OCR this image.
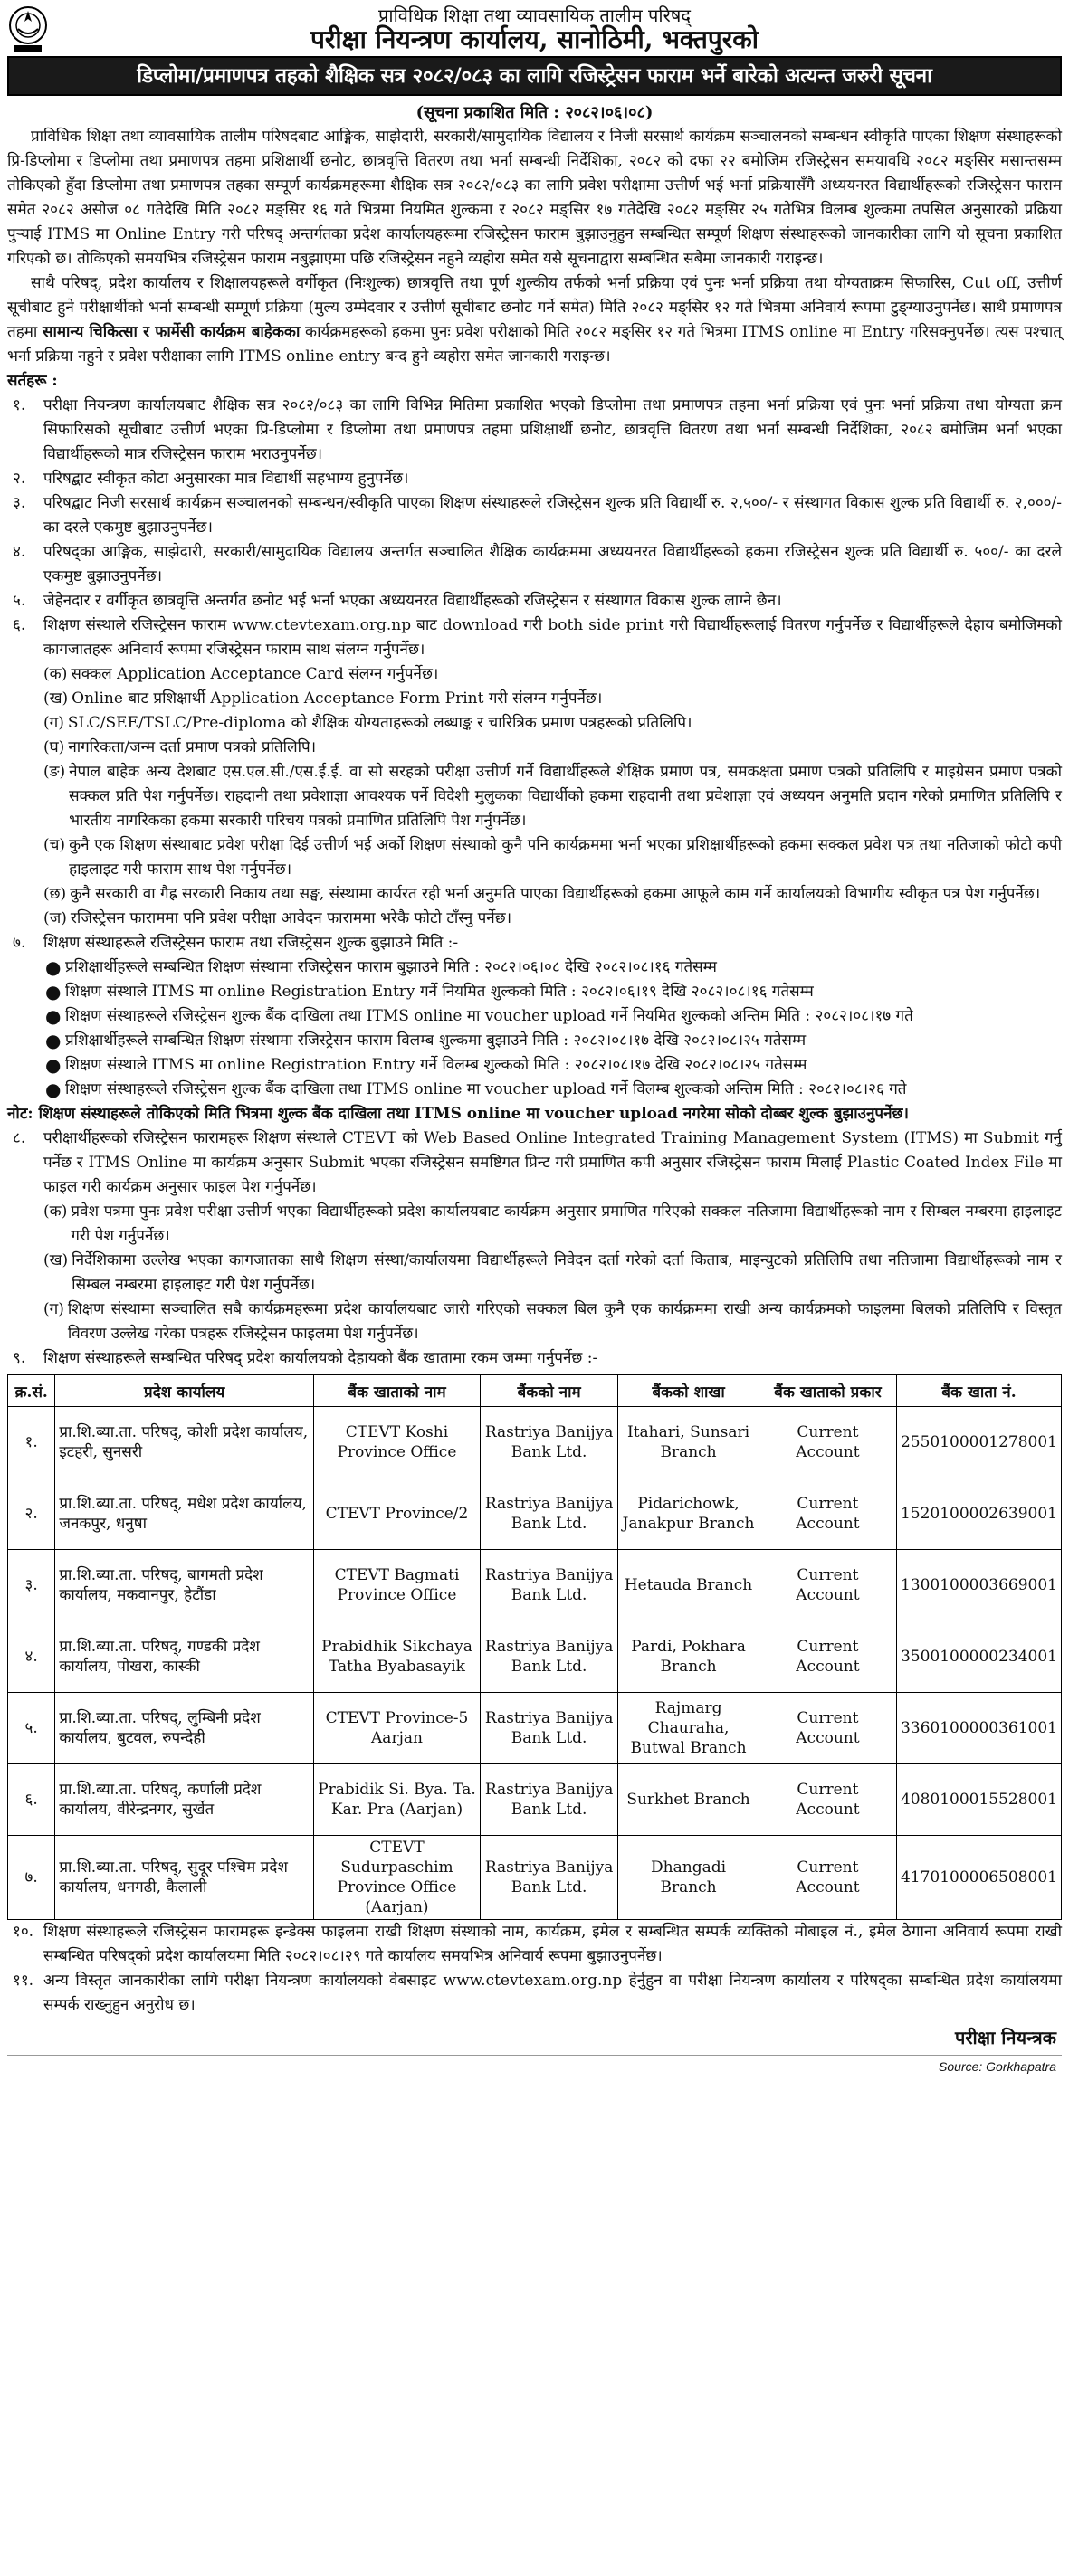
प्राविधिक शिक्षा तथा व्यावसायिक तालीम परिषद्
परीक्षा नियन्त्रण कार्यालय, सानोठिमी, भक्तपुरको
डिप्लोमा/प्रमाणपत्र तहको शैक्षिक सत्र २०८२/०८३ का लागि रजिस्ट्रेसन फाराम भर्ने बारेको अत्यन्त जरुरी सूचना
(सूचना प्रकाशित मिति : २०८२।०६।०८)

प्राविधिक शिक्षा तथा व्यावसायिक तालीम परिषदबाट आङ्गिक, साझेदारी, सरकारी/सामुदायिक विद्यालय र निजी सरसार्थ कार्यक्रम सञ्चालनको सम्बन्धन स्वीकृति पाएका शिक्षण संस्थाहरूको प्रि-डिप्लोमा र डिप्लोमा तथा प्रमाणपत्र तहमा प्रशिक्षार्थी छनोट, छात्रवृत्ति वितरण तथा भर्ना सम्बन्धी निर्देशिका, २०८२ को दफा २२ बमोजिम रजिस्ट्रेसन समयावधि २०८२ मङ्सिर मसान्तसम्म तोकिएको हुँदा डिप्लोमा तथा प्रमाणपत्र तहका सम्पूर्ण कार्यक्रमहरूमा शैक्षिक सत्र २०८२/०८३ का लागि प्रवेश परीक्षामा उत्तीर्ण भई भर्ना प्रक्रियासँगै अध्ययनरत विद्यार्थीहरूको रजिस्ट्रेसन फाराम समेत २०८२ असोज ०८ गतेदेखि मिति २०८२ मङ्सिर १६ गते भित्रमा नियमित शुल्कमा र २०८२ मङ्सिर १७ गतेदेखि २०८२ मङ्सिर २५ गतेभित्र विलम्ब शुल्कमा तपसिल अनुसारको प्रक्रिया पुऱ्याई ITMS मा Online Entry गरी परिषद् अन्तर्गतका प्रदेश कार्यालयहरूमा रजिस्ट्रेसन फाराम बुझाउनुहुन सम्बन्धित सम्पूर्ण शिक्षण संस्थाहरूको जानकारीका लागि यो सूचना प्रकाशित गरिएको छ। तोकिएको समयभित्र रजिस्ट्रेसन फाराम नबुझाएमा पछि रजिस्ट्रेसन नहुने व्यहोरा समेत यसै सूचनाद्वारा सम्बन्धित सबैमा जानकारी गराइन्छ।

साथै परिषद्, प्रदेश कार्यालय र शिक्षालयहरूले वर्गीकृत (निःशुल्क) छात्रवृत्ति तथा पूर्ण शुल्कीय तर्फको भर्ना प्रक्रिया एवं पुनः भर्ना प्रक्रिया तथा योग्यताक्रम सिफारिस, Cut off, उत्तीर्ण सूचीबाट हुने परीक्षार्थीको भर्ना सम्बन्धी सम्पूर्ण प्रक्रिया (मुल्य उम्मेदवार र उत्तीर्ण सूचीबाट छनोट गर्ने समेत) मिति २०८२ मङ्सिर १२ गते भित्रमा अनिवार्य रूपमा टुङ्ग्याउनुपर्नेछ। साथै प्रमाणपत्र तहमा सामान्य चिकित्सा र फार्मेसी कार्यक्रम बाहेकका कार्यक्रमहरूको हकमा पुनः प्रवेश परीक्षाको मिति २०८२ मङ्सिर १२ गते भित्रमा ITMS online मा Entry गरिसक्नुपर्नेछ। त्यस पश्चात् भर्ना प्रक्रिया नहुने र प्रवेश परीक्षाका लागि ITMS online entry बन्द हुने व्यहोरा समेत जानकारी गराइन्छ।

सर्तहरू :
१.	परीक्षा नियन्त्रण कार्यालयबाट शैक्षिक सत्र २०८२/०८३ का लागि विभिन्न मितिमा प्रकाशित भएको डिप्लोमा तथा प्रमाणपत्र तहमा भर्ना प्रक्रिया एवं पुनः भर्ना प्रक्रिया तथा योग्यता क्रम सिफारिसको सूचीबाट उत्तीर्ण भएका प्रि-डिप्लोमा र डिप्लोमा तथा प्रमाणपत्र तहमा प्रशिक्षार्थी छनोट, छात्रवृत्ति वितरण तथा भर्ना सम्बन्धी निर्देशिका, २०८२ बमोजिम भर्ना भएका विद्यार्थीहरूको मात्र रजिस्ट्रेसन फाराम भराउनुपर्नेछ।
२.	परिषद्बाट स्वीकृत कोटा अनुसारका मात्र विद्यार्थी सहभाग्य हुनुपर्नेछ।
३.	परिषद्बाट निजी सरसार्थ कार्यक्रम सञ्चालनको सम्बन्धन/स्वीकृति पाएका शिक्षण संस्थाहरूले रजिस्ट्रेसन शुल्क प्रति विद्यार्थी रु. २,५००/- र संस्थागत विकास शुल्क प्रति विद्यार्थी रु. २,०००/- का दरले एकमुष्ट बुझाउनुपर्नेछ।
४.	परिषद्का आङ्गिक, साझेदारी, सरकारी/सामुदायिक विद्यालय अन्तर्गत सञ्चालित शैक्षिक कार्यक्रममा अध्ययनरत विद्यार्थीहरूको हकमा रजिस्ट्रेसन शुल्क प्रति विद्यार्थी रु. ५००/- का दरले एकमुष्ट बुझाउनुपर्नेछ।
५.	जेहेनदार र वर्गीकृत छात्रवृत्ति अन्तर्गत छनोट भई भर्ना भएका अध्ययनरत विद्यार्थीहरूको रजिस्ट्रेसन र संस्थागत विकास शुल्क लाग्ने छैन।
६.	शिक्षण संस्थाले रजिस्ट्रेसन फाराम www.ctevtexam.org.np बाट download गरी both side print गरी विद्यार्थीहरूलाई वितरण गर्नुपर्नेछ र विद्यार्थीहरूले देहाय बमोजिमको कागजातहरू अनिवार्य रूपमा रजिस्ट्रेसन फाराम साथ संलग्न गर्नुपर्नेछ।
(क) सक्कल Application Acceptance Card संलग्न गर्नुपर्नेछ।
(ख) Online बाट प्रशिक्षार्थी Application Acceptance Form Print गरी संलग्न गर्नुपर्नेछ।
(ग) SLC/SEE/TSLC/Pre-diploma को शैक्षिक योग्यताहरूको लब्धाङ्क र चारित्रिक प्रमाण पत्रहरूको प्रतिलिपि।
(घ) नागरिकता/जन्म दर्ता प्रमाण पत्रको प्रतिलिपि।
(ङ) नेपाल बाहेक अन्य देशबाट एस.एल.सी./एस.ई.ई. वा सो सरहको परीक्षा उत्तीर्ण गर्ने विद्यार्थीहरूले शैक्षिक प्रमाण पत्र, समकक्षता प्रमाण पत्रको प्रतिलिपि र माइग्रेसन प्रमाण पत्रको सक्कल प्रति पेश गर्नुपर्नेछ। राहदानी तथा प्रवेशाज्ञा आवश्यक पर्ने विदेशी मुलुकका विद्यार्थीको हकमा राहदानी तथा प्रवेशाज्ञा एवं अध्ययन अनुमति प्रदान गरेको प्रमाणित प्रतिलिपि र भारतीय नागरिकका हकमा सरकारी परिचय पत्रको प्रमाणित प्रतिलिपि पेश गर्नुपर्नेछ।
(च) कुनै एक शिक्षण संस्थाबाट प्रवेश परीक्षा दिई उत्तीर्ण भई अर्को शिक्षण संस्थाको कुनै पनि कार्यक्रममा भर्ना भएका प्रशिक्षार्थीहरूको हकमा सक्कल प्रवेश पत्र तथा नतिजाको फोटो कपी हाइलाइट गरी फाराम साथ पेश गर्नुपर्नेछ।
(छ) कुनै सरकारी वा गैह्र सरकारी निकाय तथा सङ्घ, संस्थामा कार्यरत रही भर्ना अनुमति पाएका विद्यार्थीहरूको हकमा आफूले काम गर्ने कार्यालयको विभागीय स्वीकृत पत्र पेश गर्नुपर्नेछ।
(ज) रजिस्ट्रेसन फाराममा पनि प्रवेश परीक्षा आवेदन फाराममा भरेकै फोटो टाँस्नु पर्नेछ।
७.	शिक्षण संस्थाहरूले रजिस्ट्रेसन फाराम तथा रजिस्ट्रेसन शुल्क बुझाउने मिति :-
● प्रशिक्षार्थीहरूले सम्बन्धित शिक्षण संस्थामा रजिस्ट्रेसन फाराम बुझाउने मिति : २०८२।०६।०८ देखि २०८२।०८।१६ गतेसम्म
● शिक्षण संस्थाले ITMS मा online Registration Entry गर्ने नियमित शुल्कको मिति : २०८२।०६।१९ देखि २०८२।०८।१६ गतेसम्म
● शिक्षण संस्थाहरूले रजिस्ट्रेसन शुल्क बैंक दाखिला तथा ITMS online मा voucher upload गर्ने नियमित शुल्कको अन्तिम मिति : २०८२।०८।१७ गते
● प्रशिक्षार्थीहरूले सम्बन्धित शिक्षण संस्थामा रजिस्ट्रेसन फाराम विलम्ब शुल्कमा बुझाउने मिति : २०८२।०८।१७ देखि २०८२।०८।२५ गतेसम्म
● शिक्षण संस्थाले ITMS मा online Registration Entry गर्ने विलम्ब शुल्कको मिति : २०८२।०८।१७ देखि २०८२।०८।२५ गतेसम्म
● शिक्षण संस्थाहरूले रजिस्ट्रेसन शुल्क बैंक दाखिला तथा ITMS online मा voucher upload गर्ने विलम्ब शुल्कको अन्तिम मिति : २०८२।०८।२६ गते
नोट: शिक्षण संस्थाहरूले तोकिएको मिति भित्रमा शुल्क बैंक दाखिला तथा ITMS online मा voucher upload नगरेमा सोको दोब्बर शुल्क बुझाउनुपर्नेछ।
८.	परीक्षार्थीहरूको रजिस्ट्रेसन फारामहरू शिक्षण संस्थाले CTEVT को Web Based Online Integrated Training Management System (ITMS) मा Submit गर्नु पर्नेछ र ITMS Online मा कार्यक्रम अनुसार Submit भएका रजिस्ट्रेसन समष्टिगत प्रिन्ट गरी प्रमाणित कपी अनुसार रजिस्ट्रेसन फाराम मिलाई Plastic Coated Index File मा फाइल गरी कार्यक्रम अनुसार फाइल पेश गर्नुपर्नेछ।
(क) प्रवेश पत्रमा पुनः प्रवेश परीक्षा उत्तीर्ण भएका विद्यार्थीहरूको प्रदेश कार्यालयबाट कार्यक्रम अनुसार प्रमाणित गरिएको सक्कल नतिजामा विद्यार्थीहरूको नाम र सिम्बल नम्बरमा हाइलाइट गरी पेश गर्नुपर्नेछ।
(ख) निर्देशिकामा उल्लेख भएका कागजातका साथै शिक्षण संस्था/कार्यालयमा विद्यार्थीहरूले निवेदन दर्ता गरेको दर्ता किताब, माइन्युटको प्रतिलिपि तथा नतिजामा विद्यार्थीहरूको नाम र सिम्बल नम्बरमा हाइलाइट गरी पेश गर्नुपर्नेछ।
(ग) शिक्षण संस्थामा सञ्चालित सबै कार्यक्रमहरूमा प्रदेश कार्यालयबाट जारी गरिएको सक्कल बिल कुनै एक कार्यक्रममा राखी अन्य कार्यक्रमको फाइलमा बिलको प्रतिलिपि र विस्तृत विवरण उल्लेख गरेका पत्रहरू रजिस्ट्रेसन फाइलमा पेश गर्नुपर्नेछ।
९.	शिक्षण संस्थाहरूले सम्बन्धित परिषद् प्रदेश कार्यालयको देहायको बैंक खातामा रकम जम्मा गर्नुपर्नेछ :-
क्र.सं.	प्रदेश कार्यालय	बैंक खाताको नाम	बैंकको नाम	बैंकको शाखा	बैंक खाताको प्रकार	बैंक खाता नं.
१.	प्रा.शि.ब्या.ता. परिषद्, कोशी प्रदेश कार्यालय, इटहरी, सुनसरी	CTEVT Koshi Province Office	Rastriya Banijya Bank Ltd.	Itahari, Sunsari Branch	Current Account	2550100001278001
२.	प्रा.शि.ब्या.ता. परिषद्, मधेश प्रदेश कार्यालय, जनकपुर, धनुषा	CTEVT Province/2	Rastriya Banijya Bank Ltd.	Pidarichowk, Janakpur Branch	Current Account	1520100002639001
३.	प्रा.शि.ब्या.ता. परिषद्, बागमती प्रदेश कार्यालय, मकवानपुर, हेटौंडा	CTEVT Bagmati Province Office	Rastriya Banijya Bank Ltd.	Hetauda Branch	Current Account	1300100003669001
४.	प्रा.शि.ब्या.ता. परिषद्, गण्डकी प्रदेश कार्यालय, पोखरा, कास्की	Prabidhik Sikchaya Tatha Byabasayik	Rastriya Banijya Bank Ltd.	Pardi, Pokhara Branch	Current Account	3500100000234001
५.	प्रा.शि.ब्या.ता. परिषद्, लुम्बिनी प्रदेश कार्यालय, बुटवल, रुपन्देही	CTEVT Province-5 Aarjan	Rastriya Banijya Bank Ltd.	Rajmarg Chauraha, Butwal Branch	Current Account	3360100000361001
६.	प्रा.शि.ब्या.ता. परिषद्, कर्णाली प्रदेश कार्यालय, वीरेन्द्रनगर, सुर्खेत	Prabidik Si. Bya. Ta. Kar. Pra (Aarjan)	Rastriya Banijya Bank Ltd.	Surkhet Branch	Current Account	4080100015528001
७.	प्रा.शि.ब्या.ता. परिषद्, सुदूर पश्चिम प्रदेश कार्यालय, धनगढी, कैलाली	CTEVT Sudurpaschim Province Office (Aarjan)	Rastriya Banijya Bank Ltd.	Dhangadi Branch	Current Account	4170100006508001
१०. शिक्षण संस्थाहरूले रजिस्ट्रेसन फारामहरू इन्डेक्स फाइलमा राखी शिक्षण संस्थाको नाम, कार्यक्रम, इमेल र सम्बन्धित सम्पर्क व्यक्तिको मोबाइल नं., इमेल ठेगाना अनिवार्य रूपमा राखी सम्बन्धित परिषद्को प्रदेश कार्यालयमा मिति २०८२।०८।२९ गते कार्यालय समयभित्र अनिवार्य रूपमा बुझाउनुपर्नेछ।
११. अन्य विस्तृत जानकारीका लागि परीक्षा नियन्त्रण कार्यालयको वेबसाइट www.ctevtexam.org.np हेर्नुहुन वा परीक्षा नियन्त्रण कार्यालय र परिषद्का सम्बन्धित प्रदेश कार्यालयमा सम्पर्क राख्नुहुन अनुरोध छ।
परीक्षा नियन्त्रक
Source: Gorkhapatra
